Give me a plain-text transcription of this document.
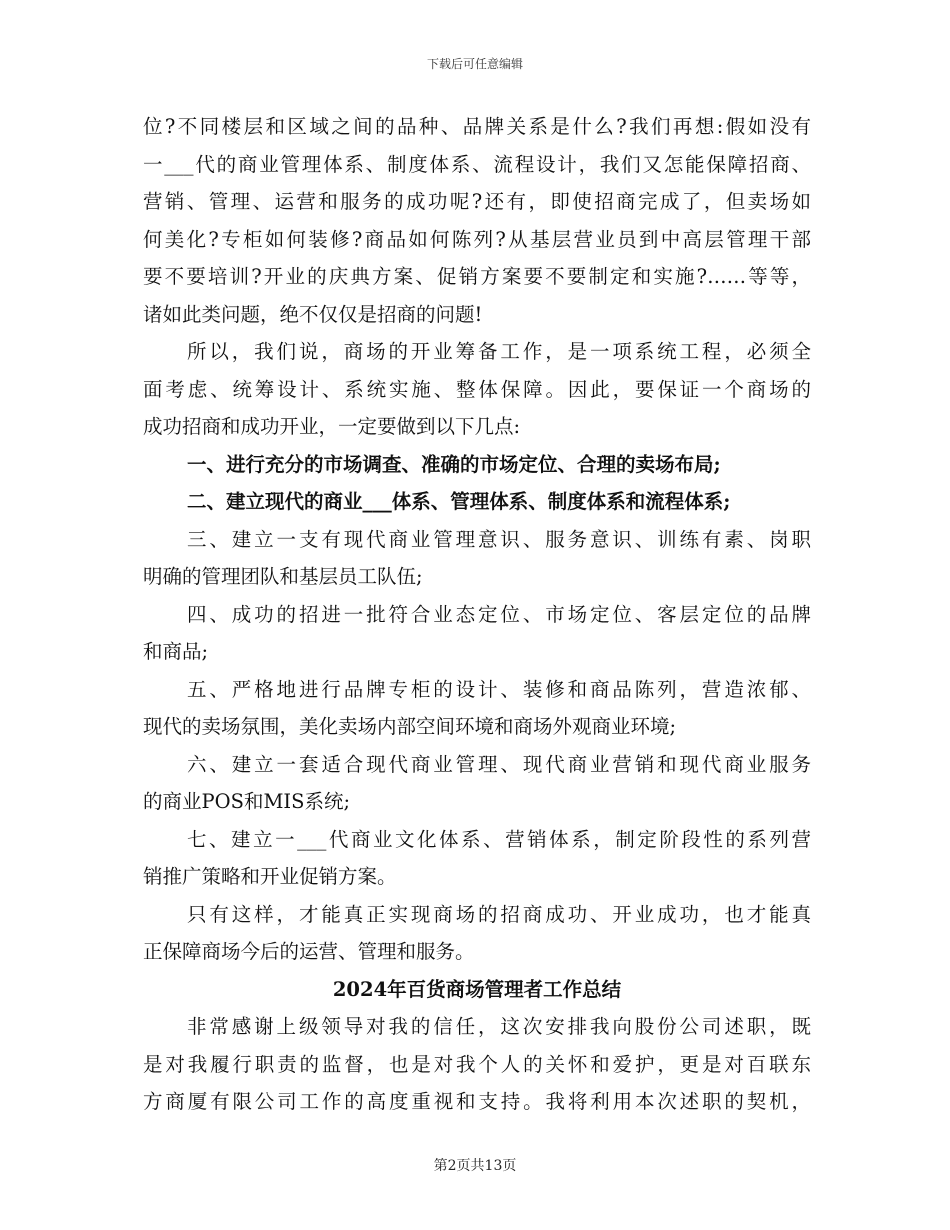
下载后可任意编辑
位?不同楼层和区域之间的品种、品牌关系是什么?我们再想:假如没有
一___代的商业管理体系、制度体系、流程设计，我们又怎能保障招商、
营销、管理、运营和服务的成功呢?还有，即使招商完成了，但卖场如
何美化?专柜如何装修?商品如何陈列?从基层营业员到中高层管理干部
要不要培训?开业的庆典方案、促销方案要不要制定和实施?……等等，
诸如此类问题，绝不仅仅是招商的问题!
所以，我们说，商场的开业筹备工作，是一项系统工程，必须全
面考虑、统筹设计、系统实施、整体保障。因此，要保证一个商场的
成功招商和成功开业，一定要做到以下几点:
一、进行充分的市场调查、准确的市场定位、合理的卖场布局;
二、建立现代的商业___体系、管理体系、制度体系和流程体系;
三、建立一支有现代商业管理意识、服务意识、训练有素、岗职
明确的管理团队和基层员工队伍;
四、成功的招进一批符合业态定位、市场定位、客层定位的品牌
和商品;
五、严格地进行品牌专柜的设计、装修和商品陈列，营造浓郁、
现代的卖场氛围，美化卖场内部空间环境和商场外观商业环境;
六、建立一套适合现代商业管理、现代商业营销和现代商业服务
的商业POS和MIS系统;
七、建立一___代商业文化体系、营销体系，制定阶段性的系列营
销推广策略和开业促销方案。
只有这样，才能真正实现商场的招商成功、开业成功，也才能真
正保障商场今后的运营、管理和服务。
2024年百货商场管理者工作总结
非常感谢上级领导对我的信任，这次安排我向股份公司述职，既
是对我履行职责的监督，也是对我个人的关怀和爱护，更是对百联东
方商厦有限公司工作的高度重视和支持。我将利用本次述职的契机，
第2页共13页
